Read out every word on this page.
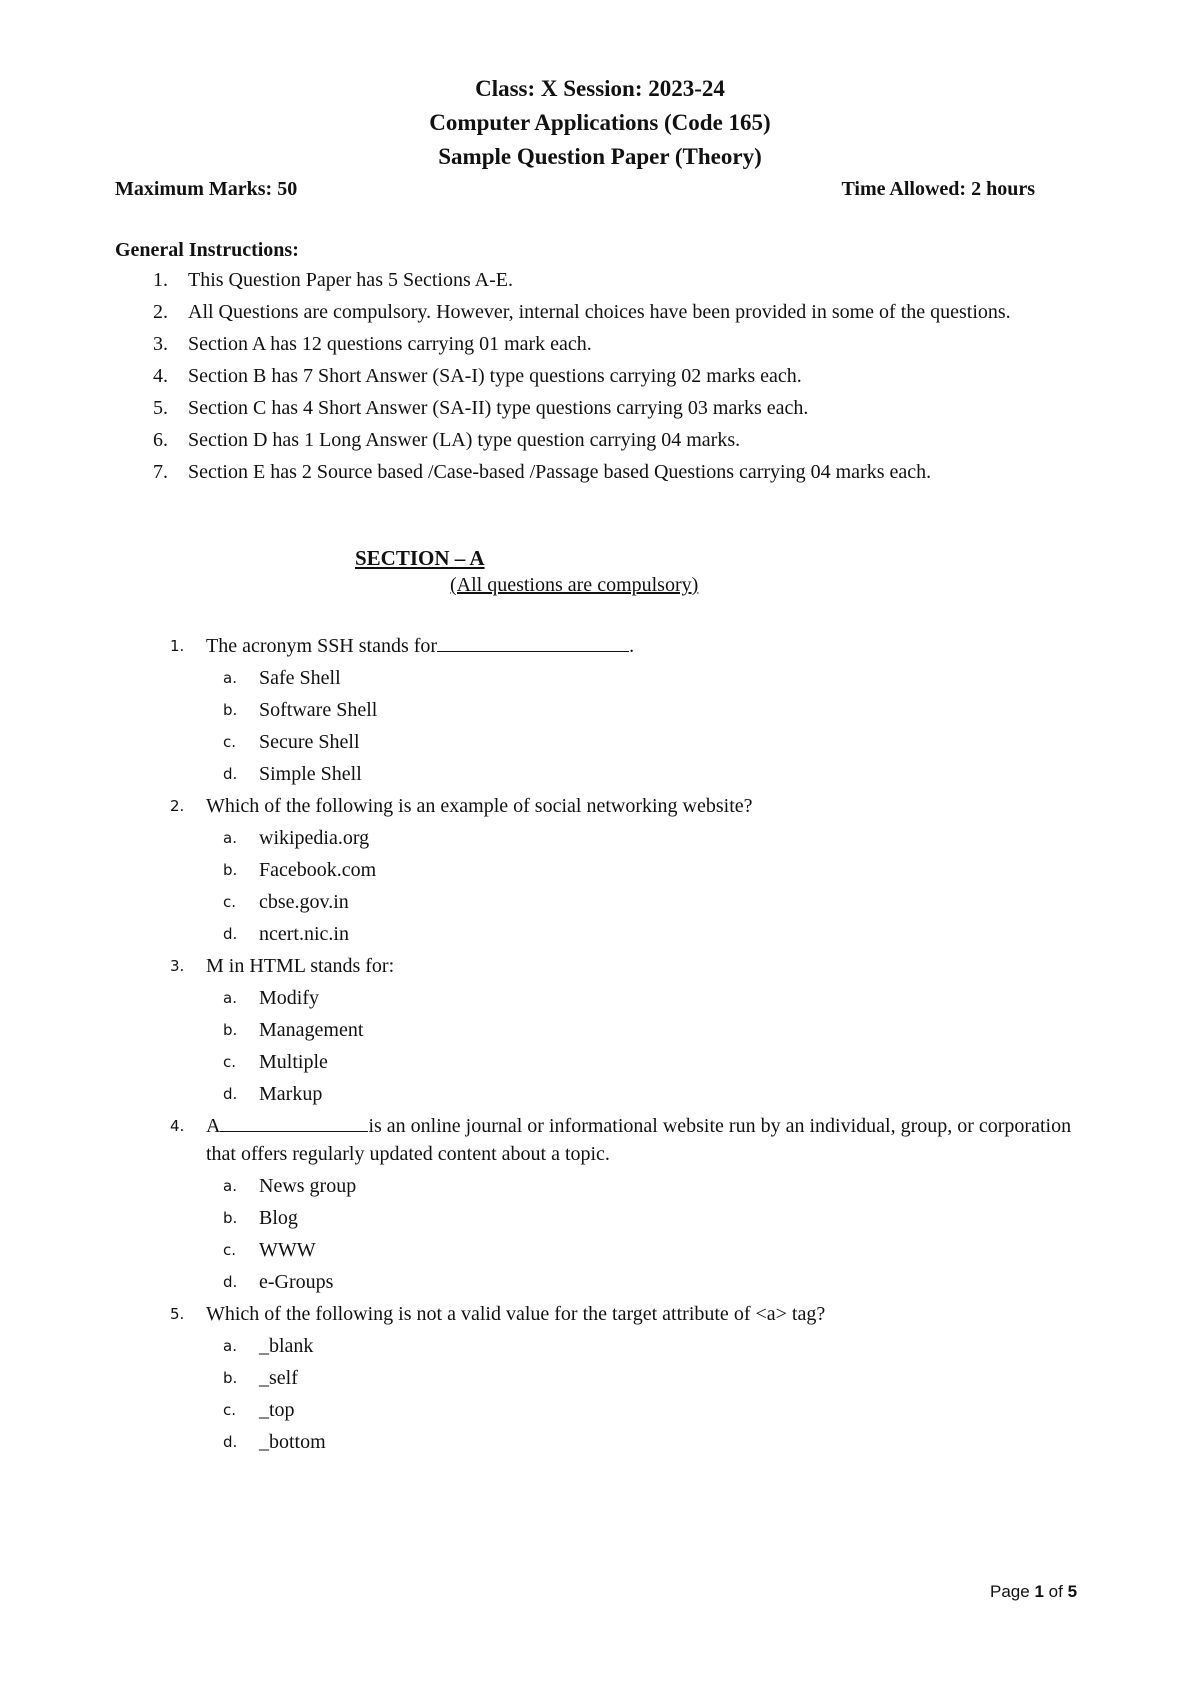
Class: X Session: 2023-24
Computer Applications (Code 165)
Sample Question Paper (Theory)
Maximum Marks: 50	Time Allowed: 2 hours
General Instructions:
1.	This Question Paper has 5 Sections A-E.
2.	All Questions are compulsory. However, internal choices have been provided in some of the questions.
3.	Section A has 12 questions carrying 01 mark each.
4.	Section B has 7 Short Answer (SA-I) type questions carrying 02 marks each.
5.	Section C has 4 Short Answer (SA-II) type questions carrying 03 marks each.
6.	Section D has 1 Long Answer (LA) type question carrying 04 marks.
7.	Section E has 2 Source based /Case-based /Passage based Questions carrying 04 marks each.
SECTION – A
(All questions are compulsory)
1. The acronym SSH stands for	.
a. Safe Shell
b. Software Shell
c. Secure Shell
d. Simple Shell
2. Which of the following is an example of social networking website?
a. wikipedia.org
b. Facebook.com
c. cbse.gov.in
d. ncert.nic.in
3. M in HTML stands for:
a. Modify
b. Management
c. Multiple
d. Markup
4. A	is an online journal or informational website run by an individual, group, or corporation that offers regularly updated content about a topic.
a. News group
b. Blog
c. WWW
d. e-Groups
5. Which of the following is not a valid value for the target attribute of <a> tag?
a. _blank
b. _self
c. _top
d. _bottom
Page 1 of 5
